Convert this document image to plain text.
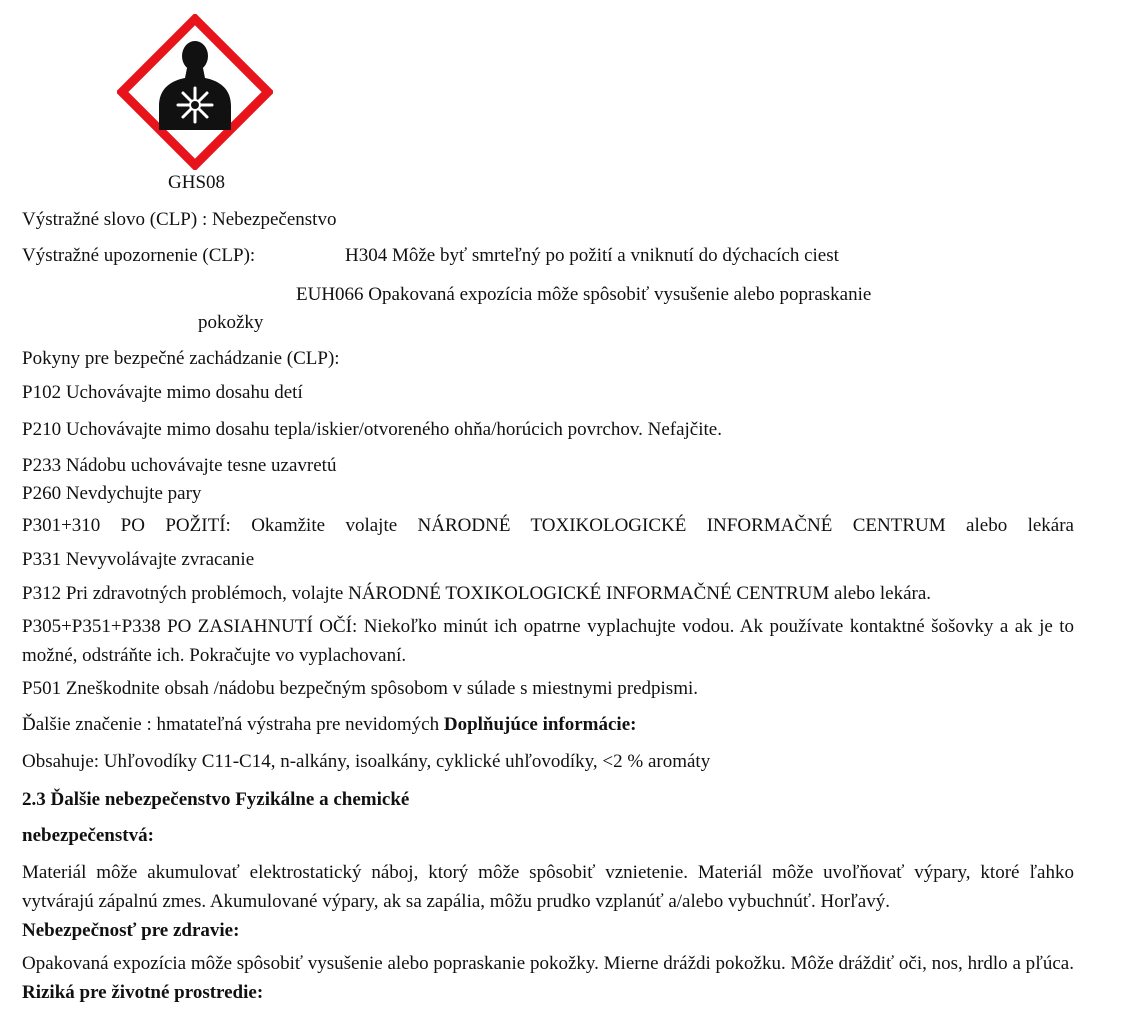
GHS08
Výstražné slovo (CLP) : Nebezpečenstvo
Výstražné upozornenie (CLP):	H304 Môže byť smrteľný po požití a vniknutí do dýchacích ciest
EUH066 Opakovaná expozícia môže spôsobiť vysušenie alebo popraskanie
pokožky
Pokyny pre bezpečné zachádzanie (CLP):
P102 Uchovávajte mimo dosahu detí
P210 Uchovávajte mimo dosahu tepla/iskier/otvoreného ohňa/horúcich povrchov. Nefajčite.
P233 Nádobu uchovávajte tesne uzavretú
P260 Nevdychujte pary
P301+310 PO POŽITÍ: Okamžite volajte NÁRODNÉ TOXIKOLOGICKÉ INFORMAČNÉ CENTRUM alebo lekára
P331 Nevyvolávajte zvracanie
P312 Pri zdravotných problémoch, volajte NÁRODNÉ TOXIKOLOGICKÉ INFORMAČNÉ CENTRUM alebo lekára.
P305+P351+P338 PO ZASIAHNUTÍ OČÍ: Niekoľko minút ich opatrne vyplachujte vodou. Ak používate kontaktné šošovky a ak je to možné, odstráňte ich. Pokračujte vo vyplachovaní.
P501 Zneškodnite obsah /nádobu bezpečným spôsobom v súlade s miestnymi predpismi.
Ďalšie značenie : hmatateľná výstraha pre nevidomých Doplňujúce informácie:
Obsahuje: Uhľovodíky C11-C14, n-alkány, isoalkány, cyklické uhľovodíky, <2 % aromáty
2.3 Ďalšie nebezpečenstvo Fyzikálne a chemické
nebezpečenstvá:
Materiál môže akumulovať elektrostatický náboj, ktorý môže spôsobiť vznietenie. Materiál môže uvoľňovať výpary, ktoré ľahko vytvárajú zápalnú zmes. Akumulované výpary, ak sa zapália, môžu prudko vzplanúť a/alebo vybuchnúť. Horľavý.
Nebezpečnosť pre zdravie:
Opakovaná expozícia môže spôsobiť vysušenie alebo popraskanie pokožky. Mierne dráždi pokožku. Môže dráždiť oči, nos, hrdlo a pľúca. Riziká pre životné prostredie:
